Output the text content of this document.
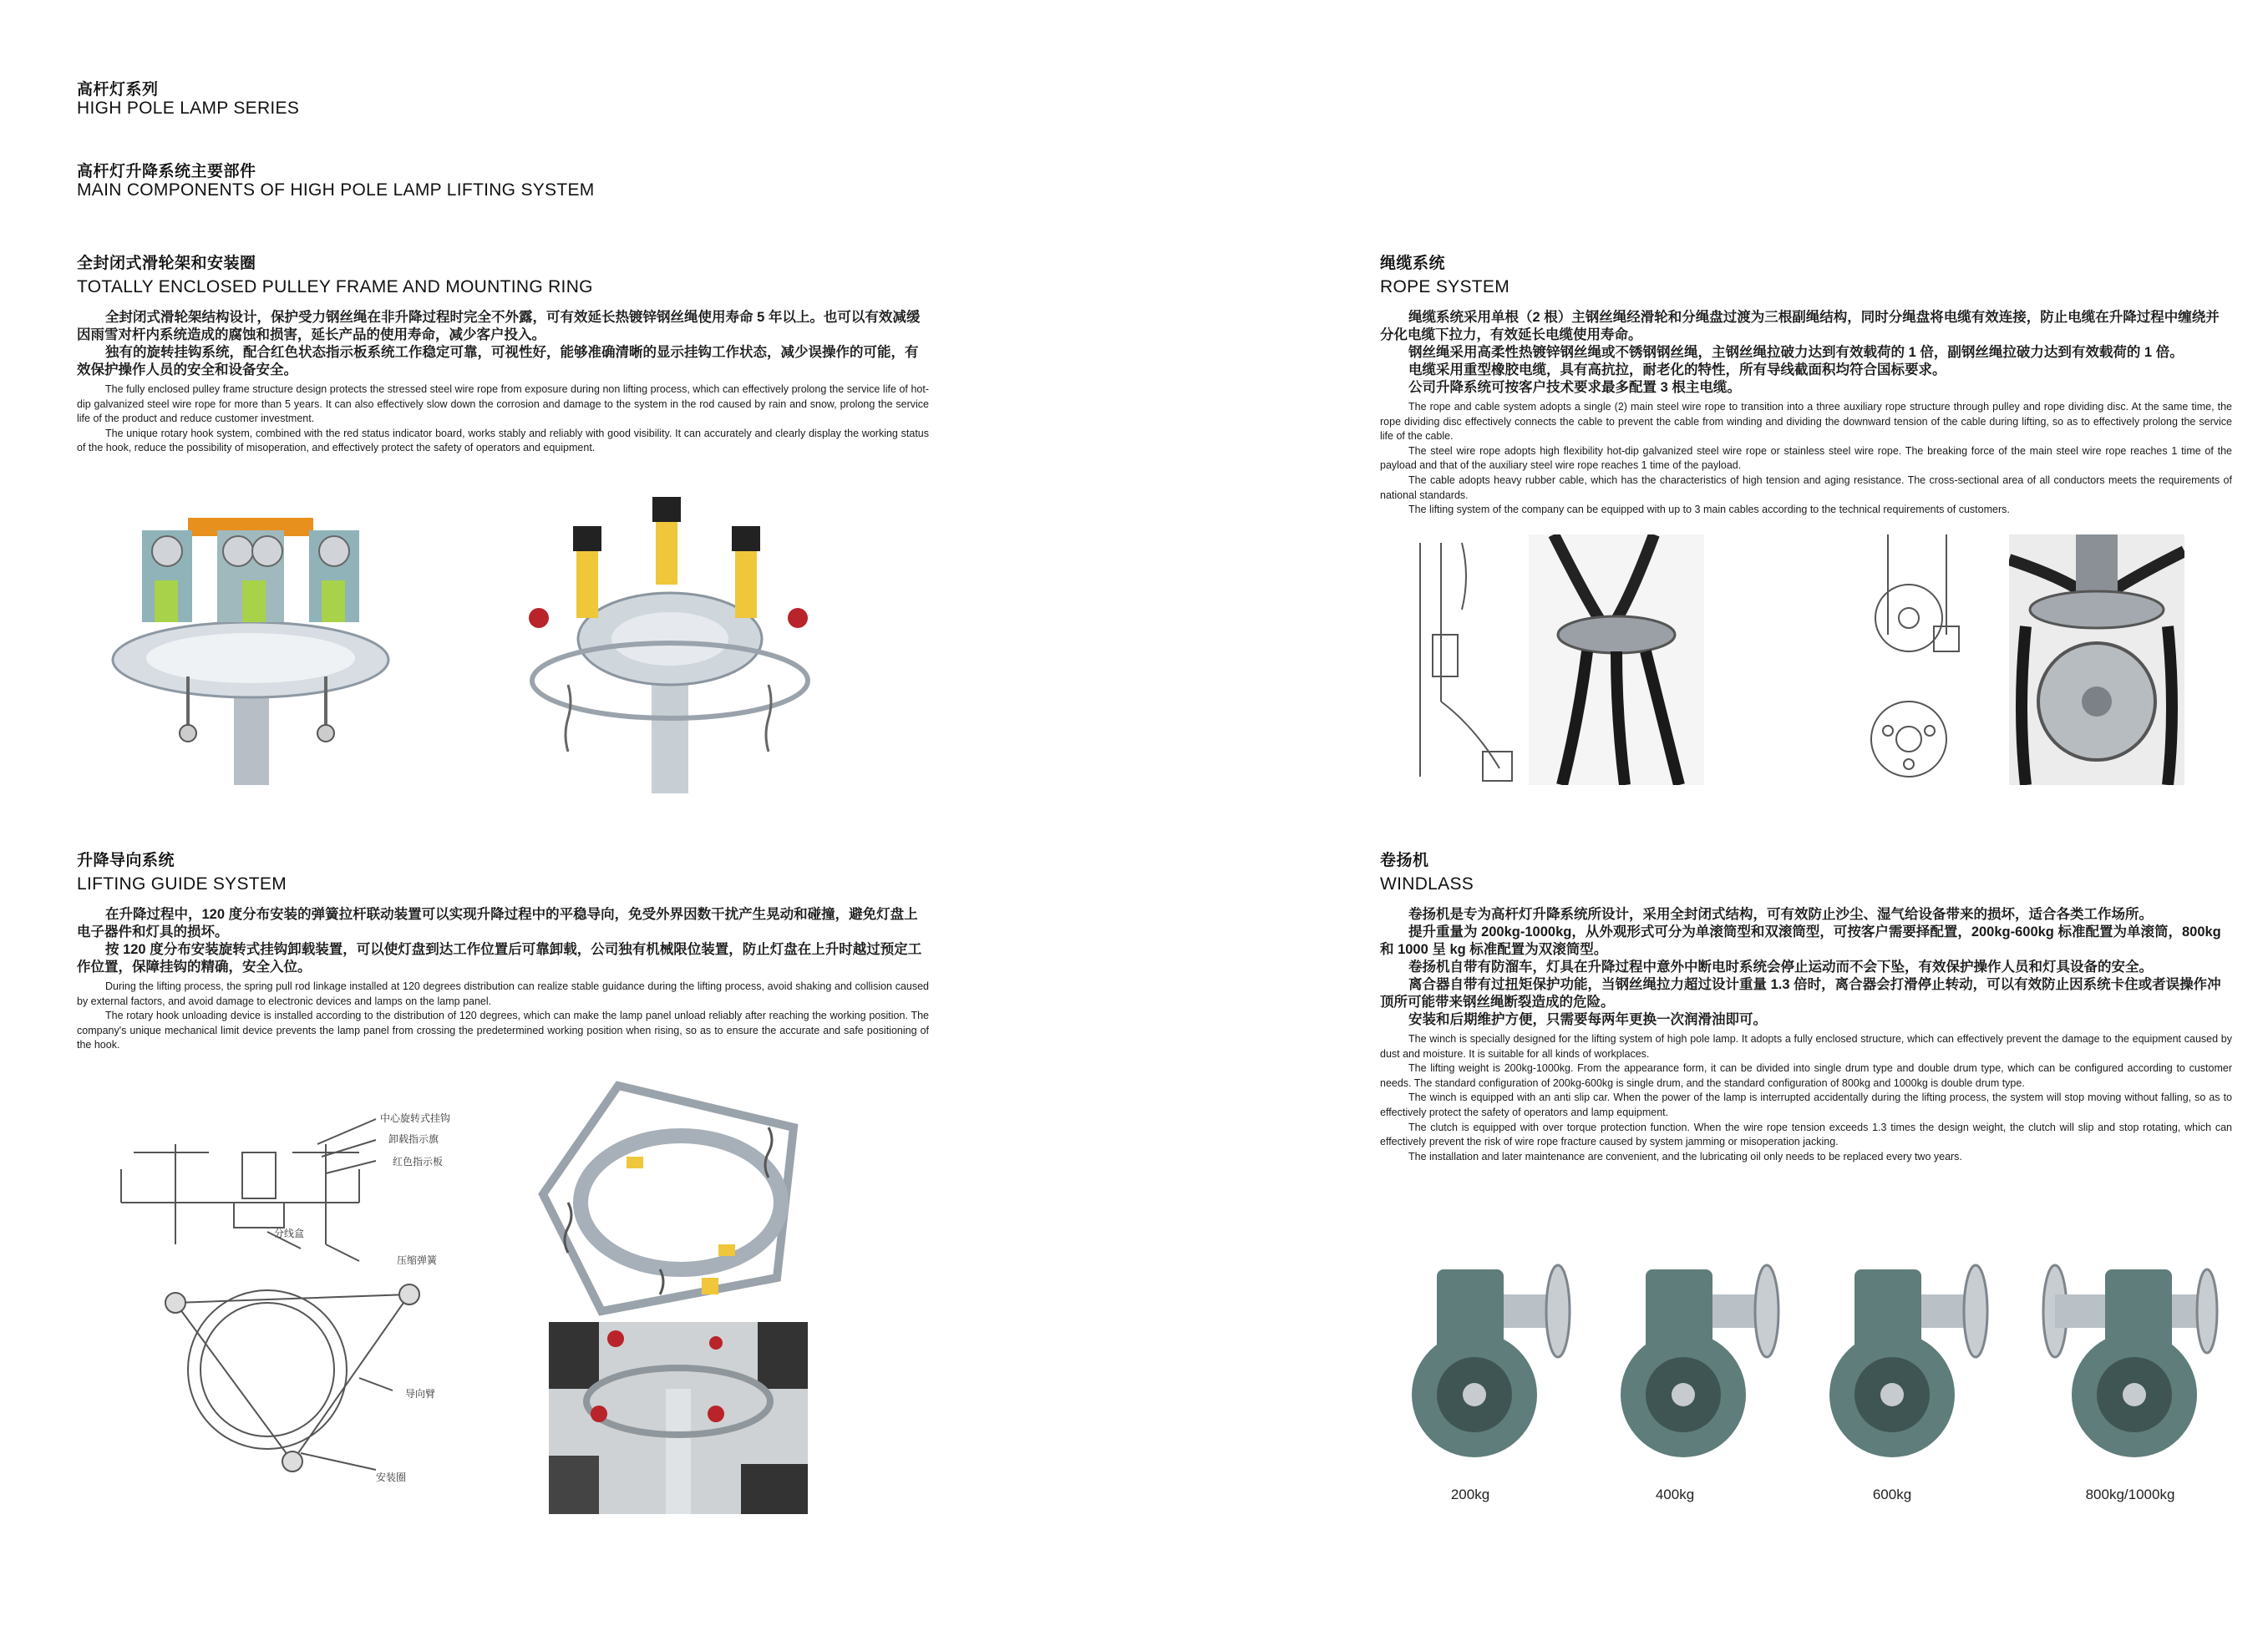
高杆灯系列
HIGH POLE LAMP SERIES
高杆灯升降系统主要部件
MAIN COMPONENTS OF HIGH POLE LAMP LIFTING SYSTEM
全封闭式滑轮架和安装圈
TOTALLY ENCLOSED PULLEY FRAME AND MOUNTING RING

全封闭式滑轮架结构设计，保护受力钢丝绳在非升降过程时完全不外露，可有效延长热镀锌钢丝绳使用寿命 5 年以上。也可以有效减缓因雨雪对杆内系统造成的腐蚀和损害，延长产品的使用寿命，减少客户投入。

独有的旋转挂钩系统，配合红色状态指示板系统工作稳定可靠，可视性好，能够准确清晰的显示挂钩工作状态，减少误操作的可能，有效保护操作人员的安全和设备安全。

The fully enclosed pulley frame structure design protects the stressed steel wire rope from exposure during non lifting process, which can effectively prolong the service life of hot-dip galvanized steel wire rope for more than 5 years. It can also effectively slow down the corrosion and damage to the system in the rod caused by rain and snow, prolong the service life of the product and reduce customer investment.

The unique rotary hook system, combined with the red status indicator board, works stably and reliably with good visibility. It can accurately and clearly display the working status of the hook, reduce the possibility of misoperation, and effectively protect the safety of operators and equipment.

绳缆系统
ROPE SYSTEM

绳缆系统采用单根（2 根）主钢丝绳经滑轮和分绳盘过渡为三根副绳结构，同时分绳盘将电缆有效连接，防止电缆在升降过程中缠绕并分化电缆下拉力，有效延长电缆使用寿命。

钢丝绳采用高柔性热镀锌钢丝绳或不锈钢钢丝绳，主钢丝绳拉破力达到有效载荷的 1 倍，副钢丝绳拉破力达到有效载荷的 1 倍。

电缆采用重型橡胶电缆，具有高抗拉，耐老化的特性，所有导线截面积均符合国标要求。

公司升降系统可按客户技术要求最多配置 3 根主电缆。

The rope and cable system adopts a single (2) main steel wire rope to transition into a three auxiliary rope structure through pulley and rope dividing disc. At the same time, the rope dividing disc effectively connects the cable to prevent the cable from winding and dividing the downward tension of the cable during lifting, so as to effectively prolong the service life of the cable.

The steel wire rope adopts high flexibility hot-dip galvanized steel wire rope or stainless steel wire rope. The breaking force of the main steel wire rope reaches 1 time of the payload and that of the auxiliary steel wire rope reaches 1 time of the payload.

The cable adopts heavy rubber cable, which has the characteristics of high tension and aging resistance. The cross-sectional area of all conductors meets the requirements of national standards.

The lifting system of the company can be equipped with up to 3 main cables according to the technical requirements of customers.

升降导向系统
LIFTING GUIDE SYSTEM

在升降过程中，120 度分布安装的弹簧拉杆联动装置可以实现升降过程中的平稳导向，免受外界因数干扰产生晃动和碰撞，避免灯盘上电子器件和灯具的损坏。

按 120 度分布安装旋转式挂钩卸载装置，可以使灯盘到达工作位置后可靠卸载，公司独有机械限位装置，防止灯盘在上升时越过预定工作位置，保障挂钩的精确，安全入位。

During the lifting process, the spring pull rod linkage installed at 120 degrees distribution can realize stable guidance during the lifting process, avoid shaking and collision caused by external factors, and avoid damage to electronic devices and lamps on the lamp panel.

The rotary hook unloading device is installed according to the distribution of 120 degrees, which can make the lamp panel unload reliably after reaching the working position. The company's unique mechanical limit device prevents the lamp panel from crossing the predetermined working position when rising, so as to ensure the accurate and safe positioning of the hook.

中心旋转式挂钩
卸载指示旗
红色指示板
分线盒
压缩弹簧
导向臂
安装圈
卷扬机
WINDLASS

卷扬机是专为高杆灯升降系统所设计，采用全封闭式结构，可有效防止沙尘、湿气给设备带来的损坏，适合各类工作场所。

提升重量为 200kg-1000kg，从外观形式可分为单滚筒型和双滚筒型，可按客户需要择配置，200kg-600kg 标准配置为单滚筒，800kg 和 1000 呈 kg 标准配置为双滚筒型。

卷扬机自带有防溜车，灯具在升降过程中意外中断电时系统会停止运动而不会下坠，有效保护操作人员和灯具设备的安全。

离合器自带有过扭矩保护功能，当钢丝绳拉力超过设计重量 1.3 倍时，离合器会打滑停止转动，可以有效防止因系统卡住或者误操作冲顶所可能带来钢丝绳断裂造成的危险。

安装和后期维护方便，只需要每两年更换一次润滑油即可。

The winch is specially designed for the lifting system of high pole lamp. It adopts a fully enclosed structure, which can effectively prevent the damage to the equipment caused by dust and moisture. It is suitable for all kinds of workplaces.

The lifting weight is 200kg-1000kg. From the appearance form, it can be divided into single drum type and double drum type, which can be configured according to customer needs. The standard configuration of 200kg-600kg is single drum, and the standard configuration of 800kg and 1000kg is double drum type.

The winch is equipped with an anti slip car. When the power of the lamp is interrupted accidentally during the lifting process, the system will stop moving without falling, so as to effectively protect the safety of operators and lamp equipment.

The clutch is equipped with over torque protection function. When the wire rope tension exceeds 1.3 times the design weight, the clutch will slip and stop rotating, which can effectively prevent the risk of wire rope fracture caused by system jamming or misoperation jacking.

The installation and later maintenance are convenient, and the lubricating oil only needs to be replaced every two years.

200kg	400kg	600kg	800kg/1000kg
